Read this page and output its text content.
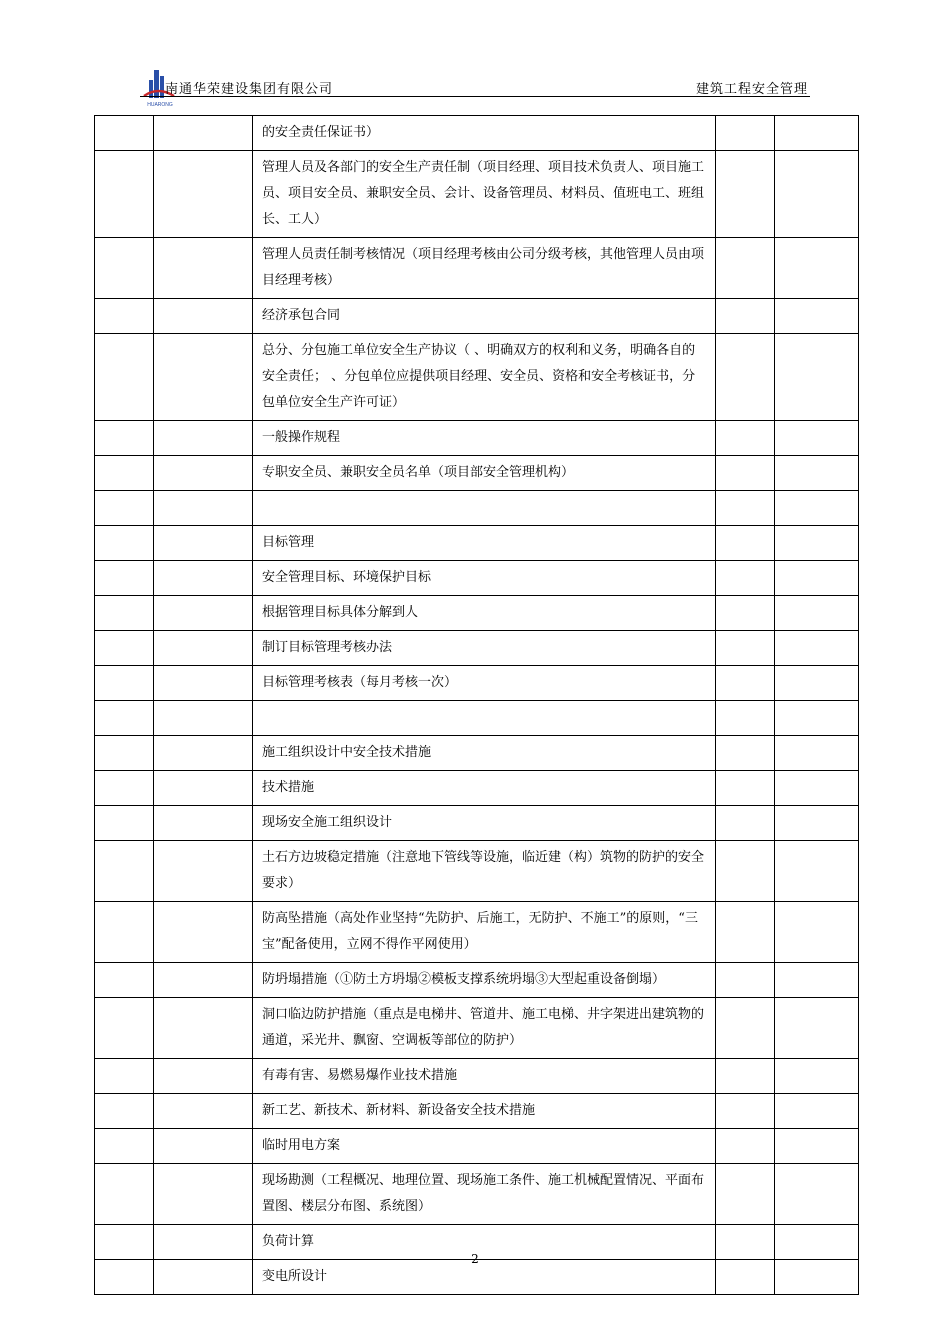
HUARONG
南通华荣建设集团有限公司	建筑工程安全管理
		的安全责任保证书）		
		管理人员及各部门的安全生产责任制（项目经理、项目技术负责人、项目施工员、项目安全员、兼职安全员、会计、设备管理员、材料员、值班电工、班组长、工人）		
		管理人员责任制考核情况（项目经理考核由公司分级考核，其他管理人员由项目经理考核）		
		经济承包合同		
		总分、分包施工单位安全生产协议（ 、明确双方的权利和义务，明确各自的安全责任； 、分包单位应提供项目经理、安全员、资格和安全考核证书，分包单位安全生产许可证）		
		一般操作规程		
		专职安全员、兼职安全员名单（项目部安全管理机构）		

		目标管理		
		安全管理目标、环境保护目标		
		根据管理目标具体分解到人		
		制订目标管理考核办法		
		目标管理考核表（每月考核一次）		

		施工组织设计中安全技术措施		
		技术措施		
		现场安全施工组织设计		
		土石方边坡稳定措施（注意地下管线等设施，临近建（构）筑物的防护的安全要求）		
		防高坠措施（高处作业坚持“先防护、后施工，无防护、不施工”的原则，“三宝”配备使用，立网不得作平网使用）		
		防坍塌措施（①防土方坍塌②模板支撑系统坍塌③大型起重设备倒塌）		
		洞口临边防护措施（重点是电梯井、管道井、施工电梯、井字架进出建筑物的通道，采光井、飘窗、空调板等部位的防护）		
		有毒有害、易燃易爆作业技术措施		
		新工艺、新技术、新材料、新设备安全技术措施		
		临时用电方案		
		现场勘测（工程概况、地理位置、现场施工条件、施工机械配置情况、平面布置图、楼层分布图、系统图）		
		负荷计算		
		变电所设计		
- 2 -
